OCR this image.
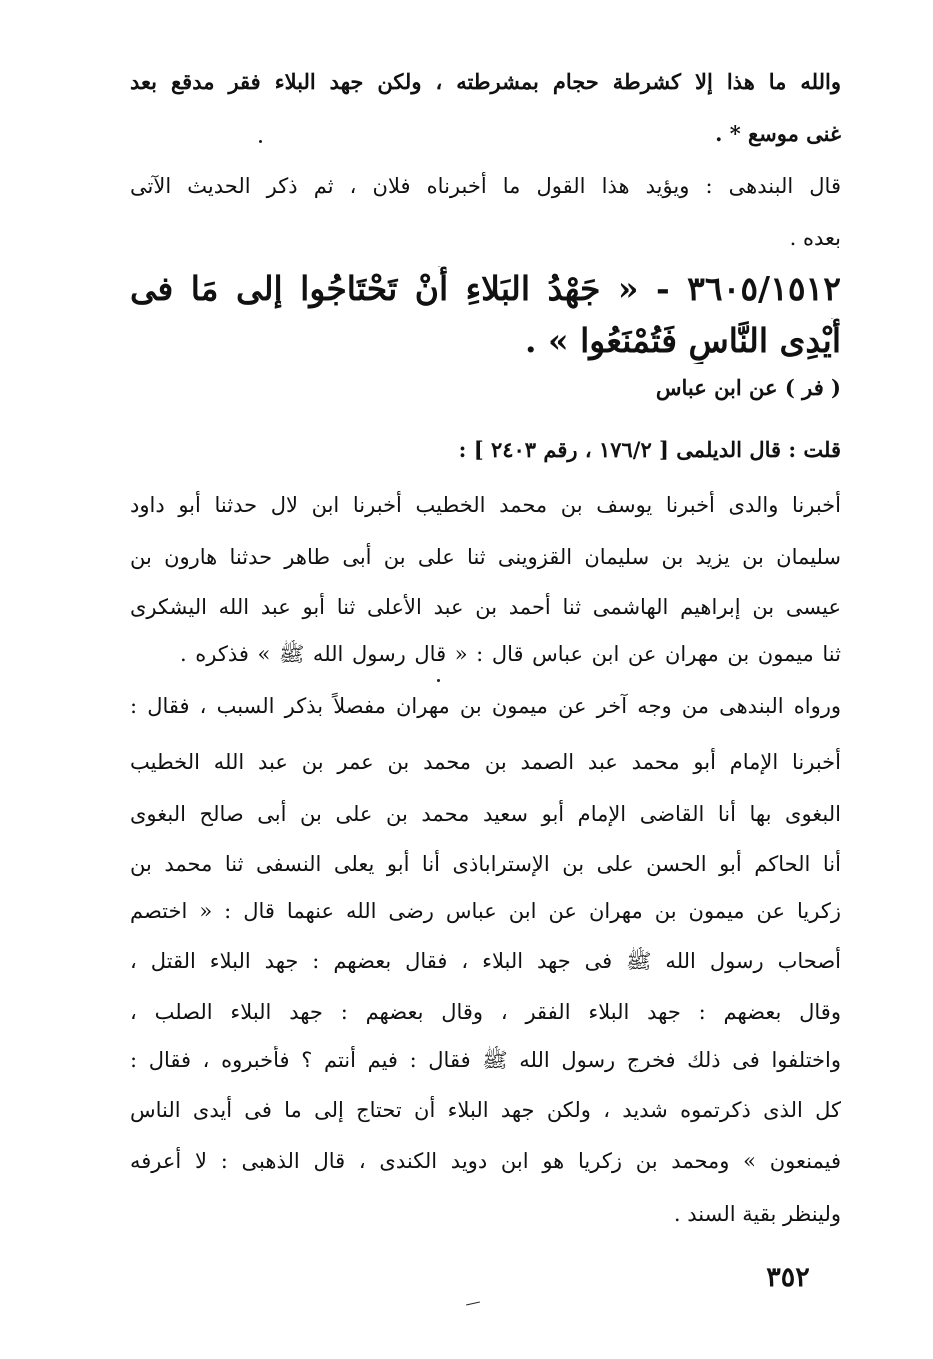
والله ما هذا إلا كشرطة حجام بمشرطته ، ولكن جهد البلاء فقر مدقع بعد
غنى موسع * .
قال البندهى : ويؤيد هذا القول ما أخبرناه فلان ، ثم ذكر الحديث الآتى
بعده .
٣٦٠٥/١٥١٢ - « جَهْدُ البَلاءِ أَنْ تَحْتَاجُوا إلى مَا فى
أَيْدِى النَّاسِ فَتُمْنَعُوا » .
( فر ) عن ابن عباس
قلت : قال الديلمى [ ١٧٦/٢ ، رقم ٢٤٠٣ ] :
أخبرنا والدى أخبرنا يوسف بن محمد الخطيب أخبرنا ابن لال حدثنا أبو داود
سليمان بن يزيد بن سليمان القزوينى ثنا على بن أبى طاهر حدثنا هارون بن
عيسى بن إبراهيم الهاشمى ثنا أحمد بن عبد الأعلى ثنا أبو عبد الله اليشكرى
ثنا ميمون بن مهران عن ابن عباس قال : « قال رسول الله ﷺ » فذكره .
ورواه البندهى من وجه آخر عن ميمون بن مهران مفصلاً بذكر السبب ، فقال :
أخبرنا الإمام أبو محمد عبد الصمد بن محمد بن عمر بن عبد الله الخطيب
البغوى بها أنا القاضى الإمام أبو سعيد محمد بن على بن أبى صالح البغوى
أنا الحاكم أبو الحسن على بن الإستراباذى أنا أبو يعلى النسفى ثنا محمد بن
زكريا عن ميمون بن مهران عن ابن عباس رضى الله عنهما قال : « اختصم
أصحاب رسول الله ﷺ فى جهد البلاء ، فقال بعضهم : جهد البلاء القتل ،
وقال بعضهم : جهد البلاء الفقر ، وقال بعضهم : جهد البلاء الصلب ،
واختلفوا فى ذلك فخرج رسول الله ﷺ فقال : فيم أنتم ؟ فأخبروه ، فقال :
كل الذى ذكرتموه شديد ، ولكن جهد البلاء أن تحتاج إلى ما فى أيدى الناس
فيمنعون » ومحمد بن زكريا هو ابن دويد الكندى ، قال الذهبى : لا أعرفه
ولينظر بقية السند .
٣٥٢
